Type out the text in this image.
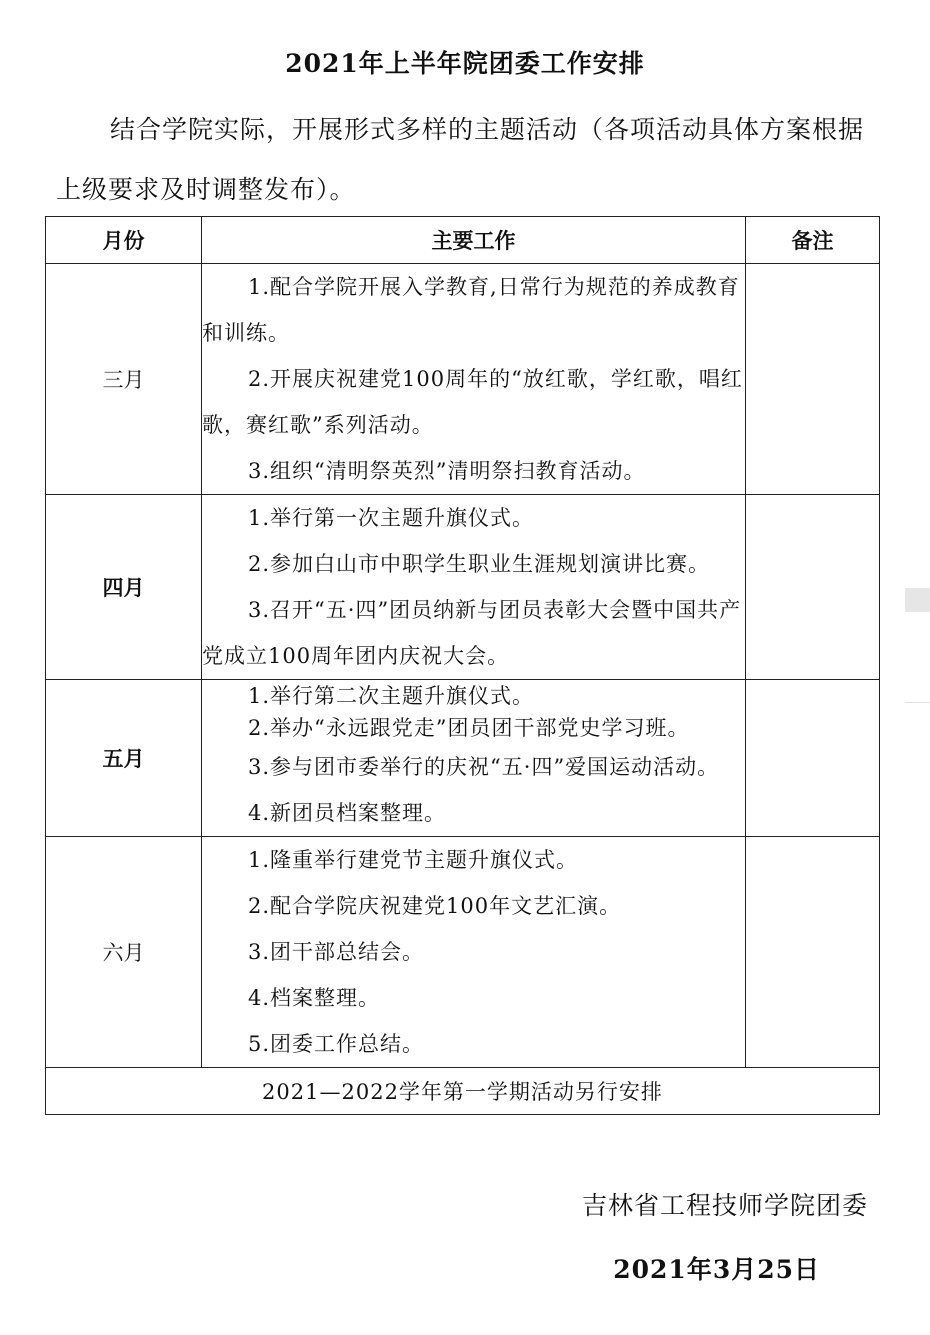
2021年上半年院团委工作安排
结合学院实际，开展形式多样的主题活动（各项活动具体方案根据上级要求及时调整发布）。
月份	主要工作	备注
三月	1.配合学院开展入学教育,日常行为规范的养成教育和训练。

2.开展庆祝建党100周年的“放红歌，学红歌，唱红歌，赛红歌”系列活动。

3.组织“清明祭英烈”清明祭扫教育活动。	

四月	1.举行第一次主题升旗仪式。

2.参加白山市中职学生职业生涯规划演讲比赛。

3.召开“五·四”团员纳新与团员表彰大会暨中国共产党成立100周年团内庆祝大会。	

五月	1.举行第二次主题升旗仪式。

2.举办“永远跟党走”团员团干部党史学习班。

3.参与团市委举行的庆祝“五·四”爱国运动活动。

4.新团员档案整理。	

六月	1.隆重举行建党节主题升旗仪式。

2.配合学院庆祝建党100年文艺汇演。

3.团干部总结会。

4.档案整理。

5.团委工作总结。	

2021—2022学年第一学期活动另行安排		
吉林省工程技师学院团委
2021年3月25日
